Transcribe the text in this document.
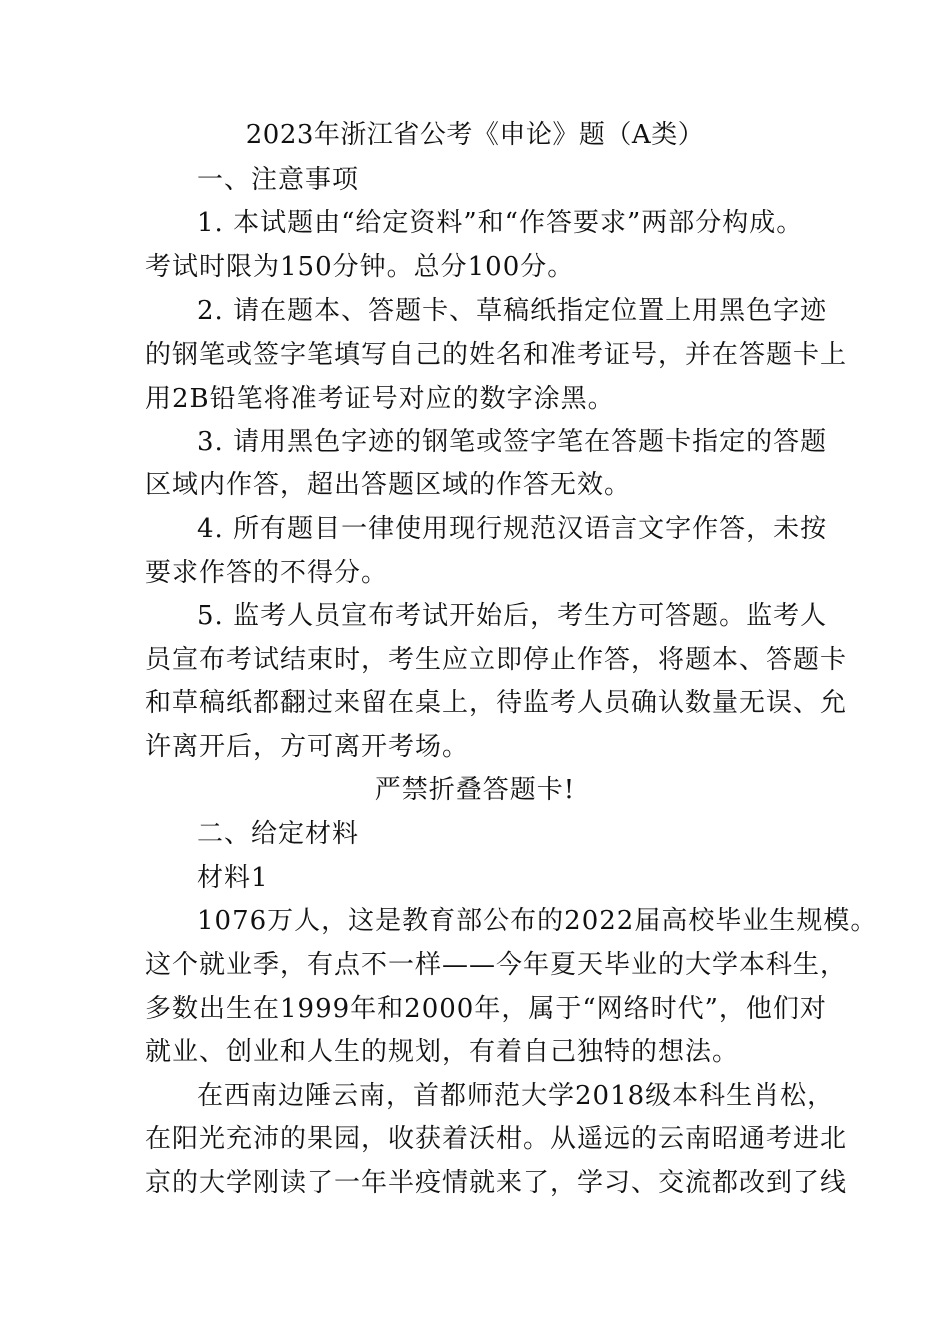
2023年浙江省公考《申论》题（A类）
一、注意事项
1. 本试题由“给定资料”和“作答要求”两部分构成。
考试时限为150分钟。总分100分。
2. 请在题本、答题卡、草稿纸指定位置上用黑色字迹
的钢笔或签字笔填写自己的姓名和准考证号，并在答题卡上
用2B铅笔将准考证号对应的数字涂黑。
3. 请用黑色字迹的钢笔或签字笔在答题卡指定的答题
区域内作答，超出答题区域的作答无效。
4. 所有题目一律使用现行规范汉语言文字作答，未按
要求作答的不得分。
5. 监考人员宣布考试开始后，考生方可答题。监考人
员宣布考试结束时，考生应立即停止作答，将题本、答题卡
和草稿纸都翻过来留在桌上，待监考人员确认数量无误、允
许离开后，方可离开考场。
严禁折叠答题卡!
二、给定材料
材料1
1076万人，这是教育部公布的2022届高校毕业生规模。
这个就业季，有点不一样——今年夏天毕业的大学本科生，
多数出生在1999年和2000年，属于“网络时代”，他们对
就业、创业和人生的规划，有着自己独特的想法。
在西南边陲云南，首都师范大学2018级本科生肖松，
在阳光充沛的果园，收获着沃柑。从遥远的云南昭通考进北
京的大学刚读了一年半疫情就来了，学习、交流都改到了线
